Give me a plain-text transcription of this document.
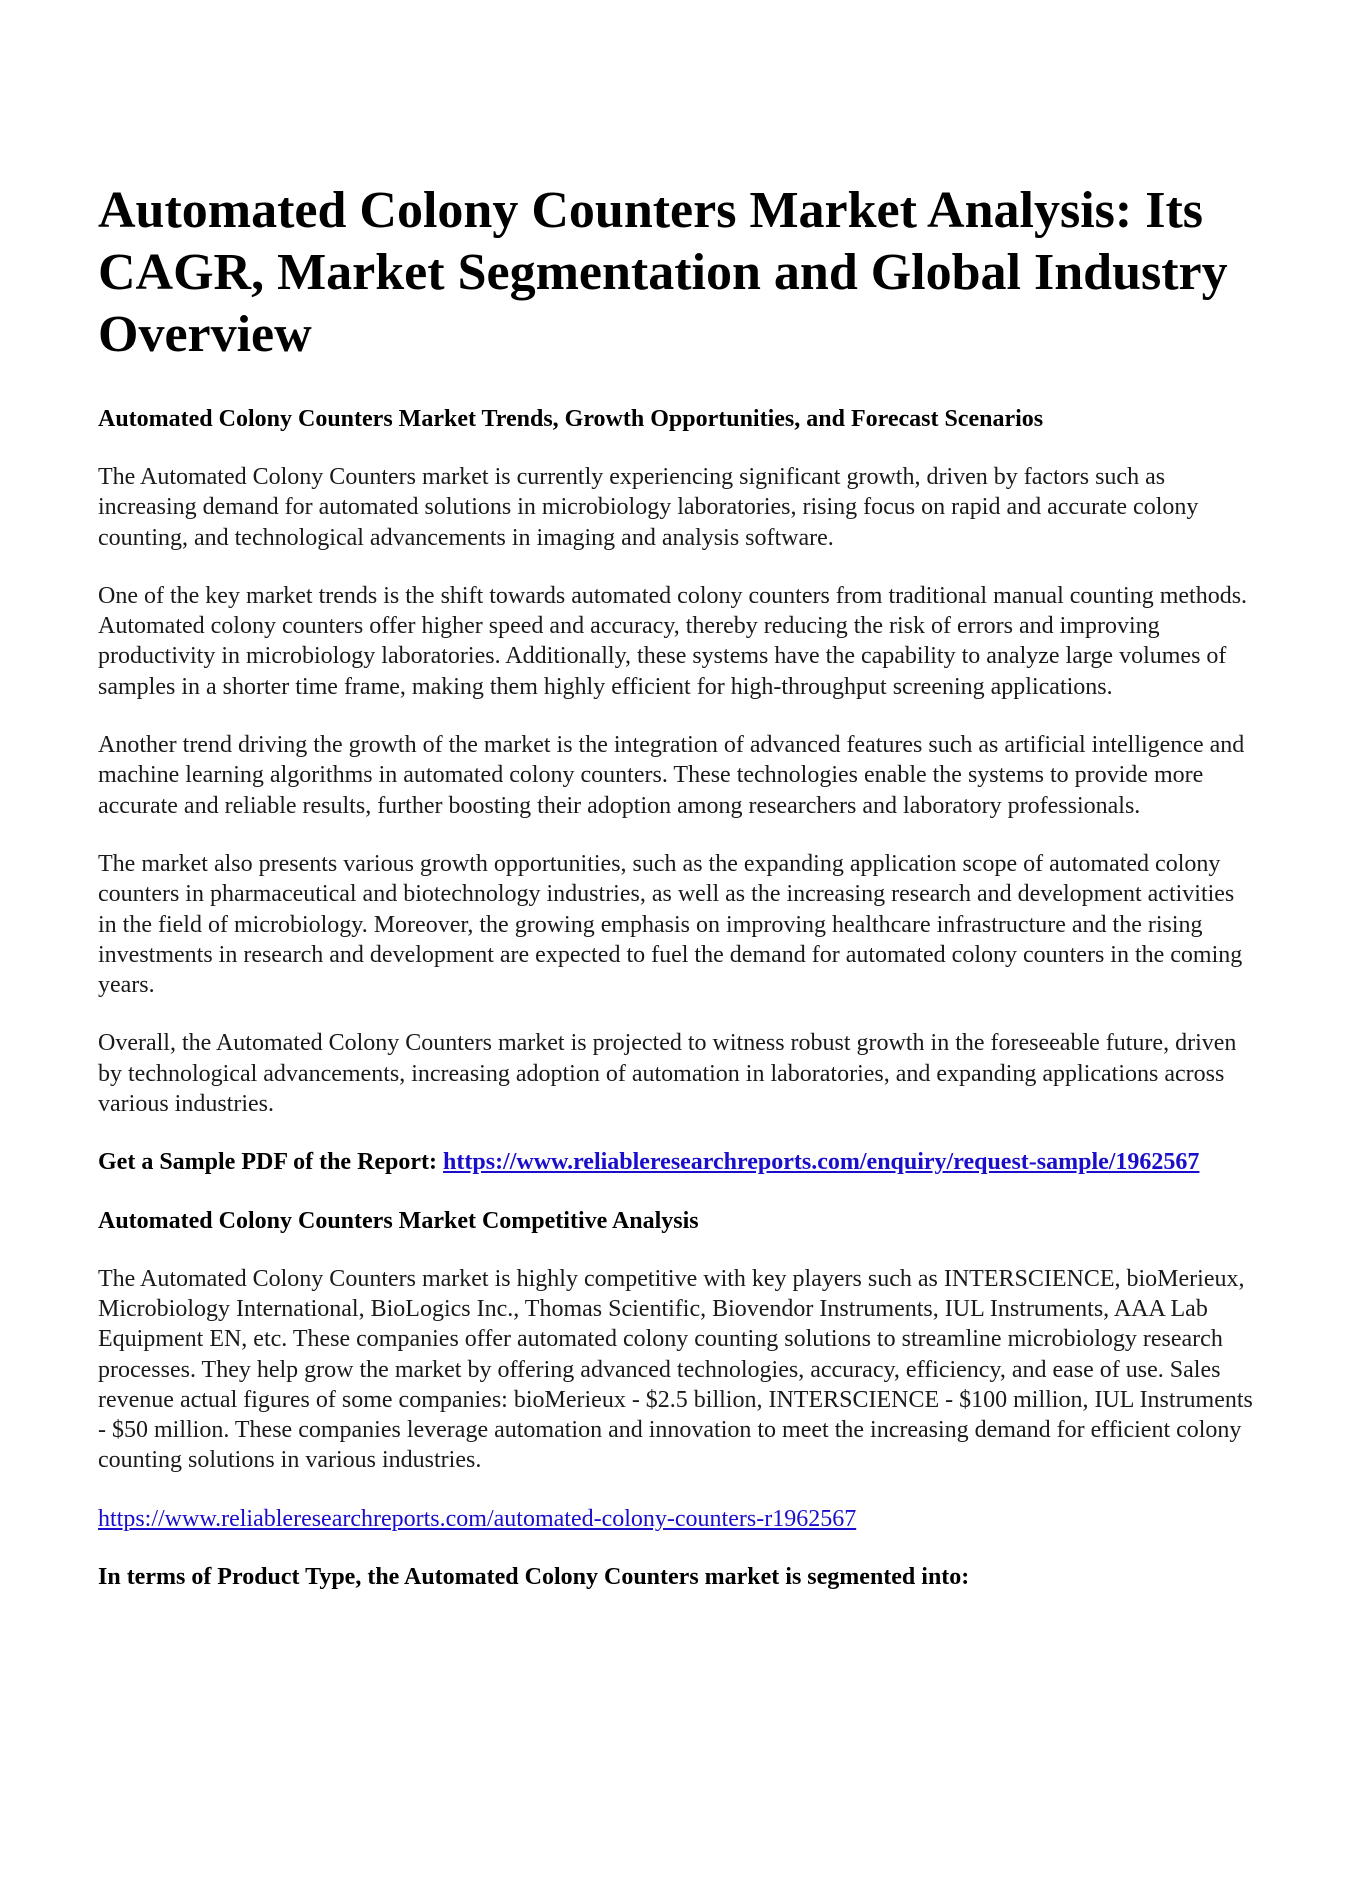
Automated Colony Counters Market Analysis: Its CAGR, Market Segmentation and Global Industry Overview
Automated Colony Counters Market Trends, Growth Opportunities, and Forecast Scenarios

The Automated Colony Counters market is currently experiencing significant growth, driven by factors such as increasing demand for automated solutions in microbiology laboratories, rising focus on rapid and accurate colony counting, and technological advancements in imaging and analysis software.

One of the key market trends is the shift towards automated colony counters from traditional manual counting methods. Automated colony counters offer higher speed and accuracy, thereby reducing the risk of errors and improving productivity in microbiology laboratories. Additionally, these systems have the capability to analyze large volumes of samples in a shorter time frame, making them highly efficient for high-throughput screening applications.

Another trend driving the growth of the market is the integration of advanced features such as artificial intelligence and machine learning algorithms in automated colony counters. These technologies enable the systems to provide more accurate and reliable results, further boosting their adoption among researchers and laboratory professionals.

The market also presents various growth opportunities, such as the expanding application scope of automated colony counters in pharmaceutical and biotechnology industries, as well as the increasing research and development activities in the field of microbiology. Moreover, the growing emphasis on improving healthcare infrastructure and the rising investments in research and development are expected to fuel the demand for automated colony counters in the coming years.

Overall, the Automated Colony Counters market is projected to witness robust growth in the foreseeable future, driven by technological advancements, increasing adoption of automation in laboratories, and expanding applications across various industries.

Get a Sample PDF of the Report: https://www.reliableresearchreports.com/enquiry/request-sample/1962567

Automated Colony Counters Market Competitive Analysis

The Automated Colony Counters market is highly competitive with key players such as INTERSCIENCE, bioMerieux, Microbiology International, BioLogics Inc., Thomas Scientific, Biovendor Instruments, IUL Instruments, AAA Lab Equipment EN, etc. These companies offer automated colony counting solutions to streamline microbiology research processes. They help grow the market by offering advanced technologies, accuracy, efficiency, and ease of use. Sales revenue actual figures of some companies: bioMerieux - $2.5 billion, INTERSCIENCE - $100 million, IUL Instruments - $50 million. These companies leverage automation and innovation to meet the increasing demand for efficient colony counting solutions in various industries.

https://www.reliableresearchreports.com/automated-colony-counters-r1962567

In terms of Product Type, the Automated Colony Counters market is segmented into:
